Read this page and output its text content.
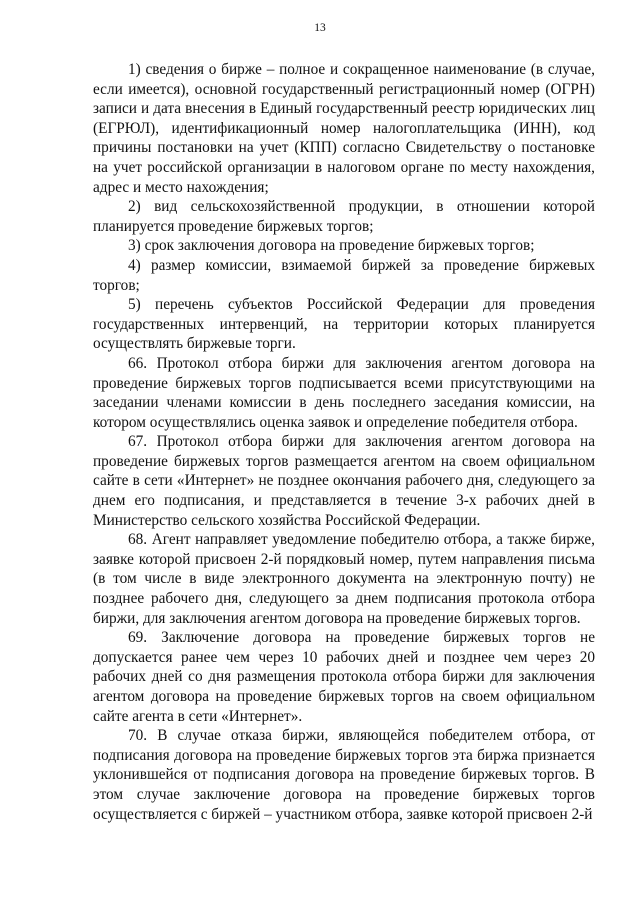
13

1) сведения о бирже – полное и сокращенное наименование (в случае, если имеется), основной государственный регистрационный номер (ОГРН) записи и дата внесения в Единый государственный реестр юридических лиц (ЕГРЮЛ), идентификационный номер налогоплательщика (ИНН), код причины постановки на учет (КПП) согласно Свидетельству о постановке на учет российской организации в налоговом органе по месту нахождения, адрес и место нахождения;

2) вид сельскохозяйственной продукции, в отношении которой планируется проведение биржевых торгов;

3) срок заключения договора на проведение биржевых торгов;

4) размер комиссии, взимаемой биржей за проведение биржевых торгов;

5) перечень субъектов Российской Федерации для проведения государственных интервенций, на территории которых планируется осуществлять биржевые торги.

66. Протокол отбора биржи для заключения агентом договора на проведение биржевых торгов подписывается всеми присутствующими на заседании членами комиссии в день последнего заседания комиссии, на котором осуществлялись оценка заявок и определение победителя отбора.

67. Протокол отбора биржи для заключения агентом договора на проведение биржевых торгов размещается агентом на своем официальном сайте в сети «Интернет» не позднее окончания рабочего дня, следующего за днем его подписания, и представляется в течение 3-х рабочих дней в Министерство сельского хозяйства Российской Федерации.

68. Агент направляет уведомление победителю отбора, а также бирже, заявке которой присвоен 2-й порядковый номер, путем направления письма (в том числе в виде электронного документа на электронную почту) не позднее рабочего дня, следующего за днем подписания протокола отбора биржи, для заключения агентом договора на проведение биржевых торгов.

69. Заключение договора на проведение биржевых торгов не допускается ранее чем через 10 рабочих дней и позднее чем через 20 рабочих дней со дня размещения протокола отбора биржи для заключения агентом договора на проведение биржевых торгов на своем официальном сайте агента в сети «Интернет».

70. В случае отказа биржи, являющейся победителем отбора, от подписания договора на проведение биржевых торгов эта биржа признается уклонившейся от подписания договора на проведение биржевых торгов. В этом случае заключение договора на проведение биржевых торгов осуществляется с биржей – участником отбора, заявке которой присвоен 2-й
